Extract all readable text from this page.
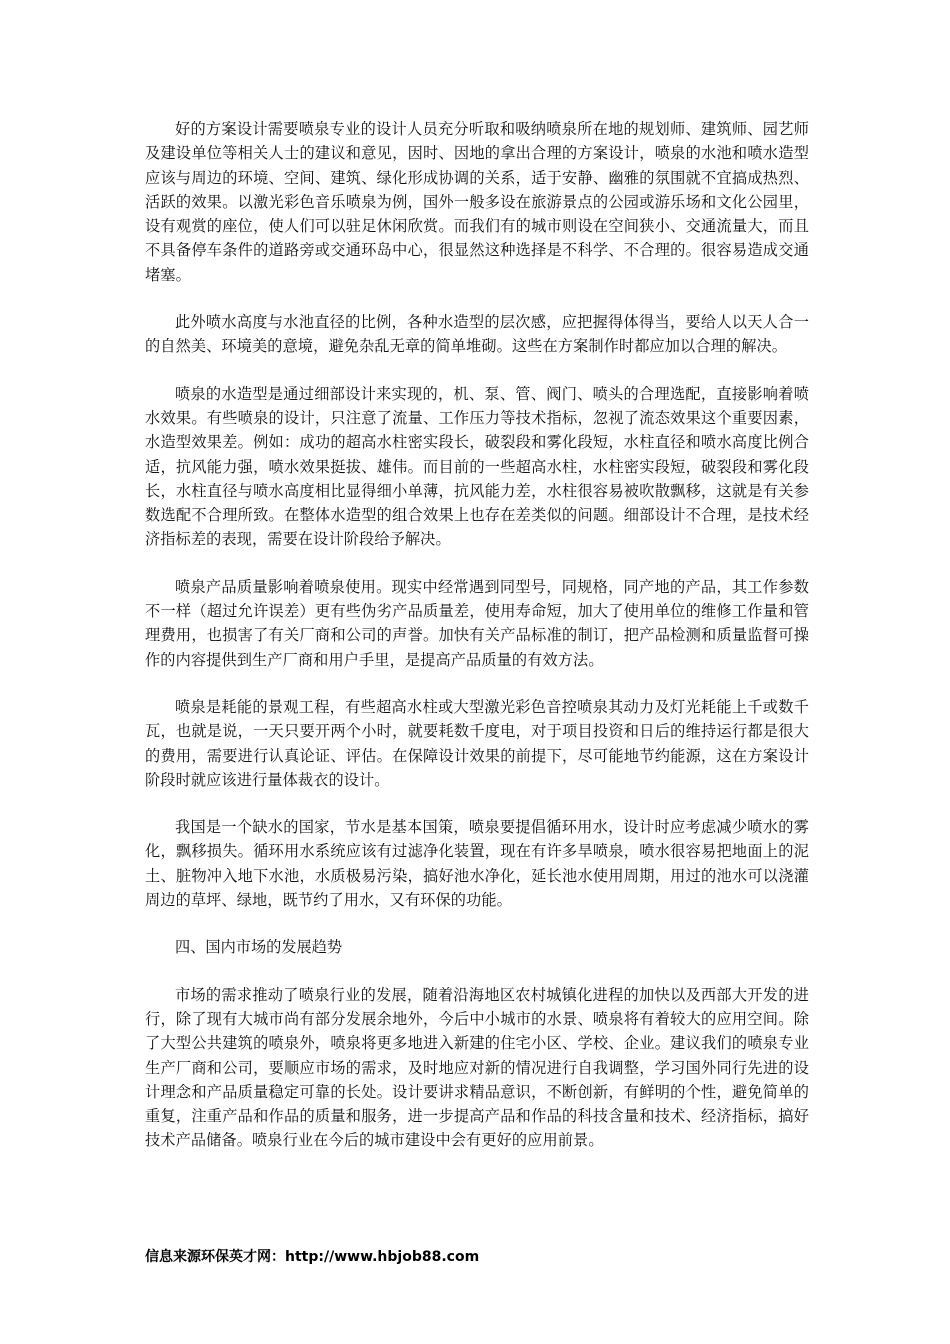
好的方案设计需要喷泉专业的设计人员充分听取和吸纳喷泉所在地的规划师、建筑师、园艺师及建设单位等相关人士的建议和意见，因时、因地的拿出合理的方案设计，喷泉的水池和喷水造型应该与周边的环境、空间、建筑、绿化形成协调的关系，适于安静、幽雅的氛围就不宜搞成热烈、活跃的效果。以激光彩色音乐喷泉为例，国外一般多设在旅游景点的公园或游乐场和文化公园里，设有观赏的座位，使人们可以驻足休闲欣赏。而我们有的城市则设在空间狭小、交通流量大，而且不具备停车条件的道路旁或交通环岛中心，很显然这种选择是不科学、不合理的。很容易造成交通堵塞。

此外喷水高度与水池直径的比例，各种水造型的层次感，应把握得体得当，要给人以天人合一的自然美、环境美的意境，避免杂乱无章的简单堆砌。这些在方案制作时都应加以合理的解决。

喷泉的水造型是通过细部设计来实现的，机、泵、管、阀门、喷头的合理选配，直接影响着喷水效果。有些喷泉的设计，只注意了流量、工作压力等技术指标，忽视了流态效果这个重要因素，水造型效果差。例如：成功的超高水柱密实段长，破裂段和雾化段短，水柱直径和喷水高度比例合适，抗风能力强，喷水效果挺拔、雄伟。而目前的一些超高水柱，水柱密实段短，破裂段和雾化段长，水柱直径与喷水高度相比显得细小单薄，抗风能力差，水柱很容易被吹散飘移，这就是有关参数选配不合理所致。在整体水造型的组合效果上也存在差类似的问题。细部设计不合理，是技术经济指标差的表现，需要在设计阶段给予解决。

喷泉产品质量影响着喷泉使用。现实中经常遇到同型号，同规格，同产地的产品，其工作参数不一样（超过允许误差）更有些伪劣产品质量差，使用寿命短，加大了使用单位的维修工作量和管理费用，也损害了有关厂商和公司的声誉。加快有关产品标准的制订，把产品检测和质量监督可操作的内容提供到生产厂商和用户手里，是提高产品质量的有效方法。

喷泉是耗能的景观工程，有些超高水柱或大型激光彩色音控喷泉其动力及灯光耗能上千或数千瓦，也就是说，一天只要开两个小时，就要耗数千度电，对于项目投资和日后的维持运行都是很大的费用，需要进行认真论证、评估。在保障设计效果的前提下，尽可能地节约能源，这在方案设计阶段时就应该进行量体裁衣的设计。

我国是一个缺水的国家，节水是基本国策，喷泉要提倡循环用水，设计时应考虑减少喷水的雾化，飘移损失。循环用水系统应该有过滤净化装置，现在有许多旱喷泉，喷水很容易把地面上的泥土、脏物冲入地下水池，水质极易污染，搞好池水净化，延长池水使用周期，用过的池水可以浇灌周边的草坪、绿地，既节约了用水，又有环保的功能。

四、国内市场的发展趋势

市场的需求推动了喷泉行业的发展，随着沿海地区农村城镇化进程的加快以及西部大开发的进行，除了现有大城市尚有部分发展余地外，今后中小城市的水景、喷泉将有着较大的应用空间。除了大型公共建筑的喷泉外，喷泉将更多地进入新建的住宅小区、学校、企业。建议我们的喷泉专业生产厂商和公司，要顺应市场的需求，及时地应对新的情况进行自我调整，学习国外同行先进的设计理念和产品质量稳定可靠的长处。设计要讲求精品意识，不断创新，有鲜明的个性，避免简单的重复，注重产品和作品的质量和服务，进一步提高产品和作品的科技含量和技术、经济指标，搞好技术产品储备。喷泉行业在今后的城市建设中会有更好的应用前景。

信息来源环保英才网：http://www.hbjob88.com
